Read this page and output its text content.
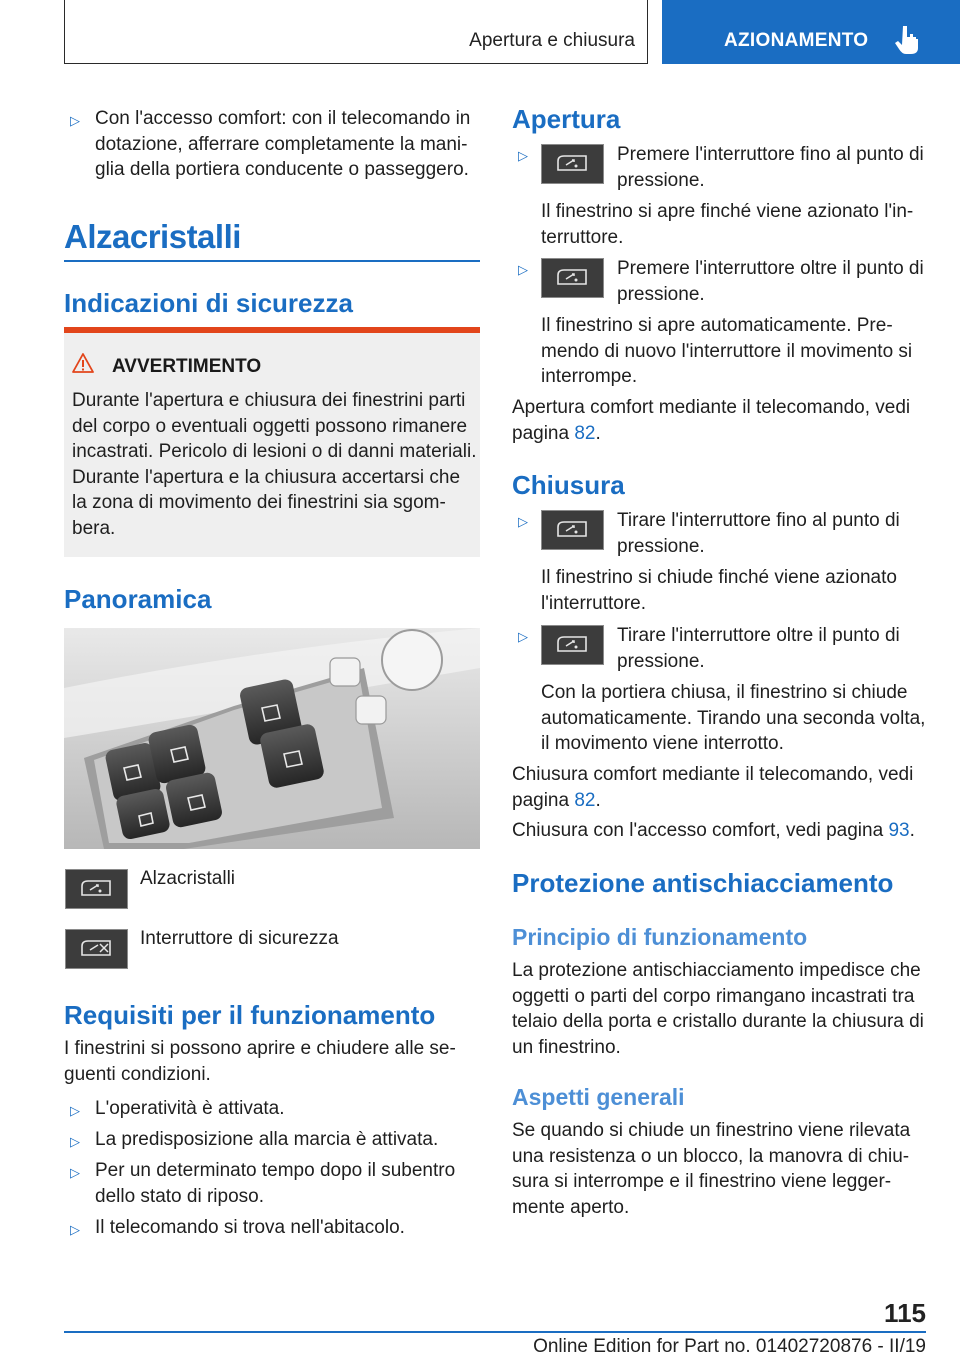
Apertura e chiusura	AZIONAMENTO
▷ Con l'accesso comfort: con il telecomando in dotazione, afferrare completamente la mani-glia della portiera conducente o passeggero.
Alzacristalli
Indicazioni di sicurezza
AVVERTIMENTO
Durante l'apertura e chiusura dei finestrini parti del corpo o eventuali oggetti possono rimanere incastrati. Pericolo di lesioni o di danni materiali. Durante l'apertura e la chiusura accertarsi che la zona di movimento dei finestrini sia sgom-bera.
Panoramica
Alzacristalli
Interruttore di sicurezza
Requisiti per il funzionamento
I finestrini si possono aprire e chiudere alle se-guenti condizioni.
▷ L'operatività è attivata.
▷ La predisposizione alla marcia è attivata.
▷ Per un determinato tempo dopo il subentro dello stato di riposo.
▷ Il telecomando si trova nell'abitacolo.
Apertura
▷	Premere l'interruttore fino al punto di pressione.
Il finestrino si apre finché viene azionato l'in-terruttore.
▷	Premere l'interruttore oltre il punto di pressione.
Il finestrino si apre automaticamente. Pre-mendo di nuovo l'interruttore il movimento si interrompe.
Apertura comfort mediante il telecomando, vedi pagina 82.
Chiusura
▷	Tirare l'interruttore fino al punto di pressione.
Il finestrino si chiude finché viene azionato l'interruttore.
▷	Tirare l'interruttore oltre il punto di pressione.
Con la portiera chiusa, il finestrino si chiude automaticamente. Tirando una seconda volta, il movimento viene interrotto.
Chiusura comfort mediante il telecomando, vedi pagina 82.
Chiusura con l'accesso comfort, vedi pagina 93.
Protezione antischiacciamento
Principio di funzionamento
La protezione antischiacciamento impedisce che oggetti o parti del corpo rimangano incastrati tra telaio della porta e cristallo durante la chiusura di un finestrino.
Aspetti generali
Se quando si chiude un finestrino viene rilevata una resistenza o un blocco, la manovra di chiu-sura si interrompe e il finestrino viene legger-mente aperto.
115
Online Edition for Part no. 01402720876 - II/19
